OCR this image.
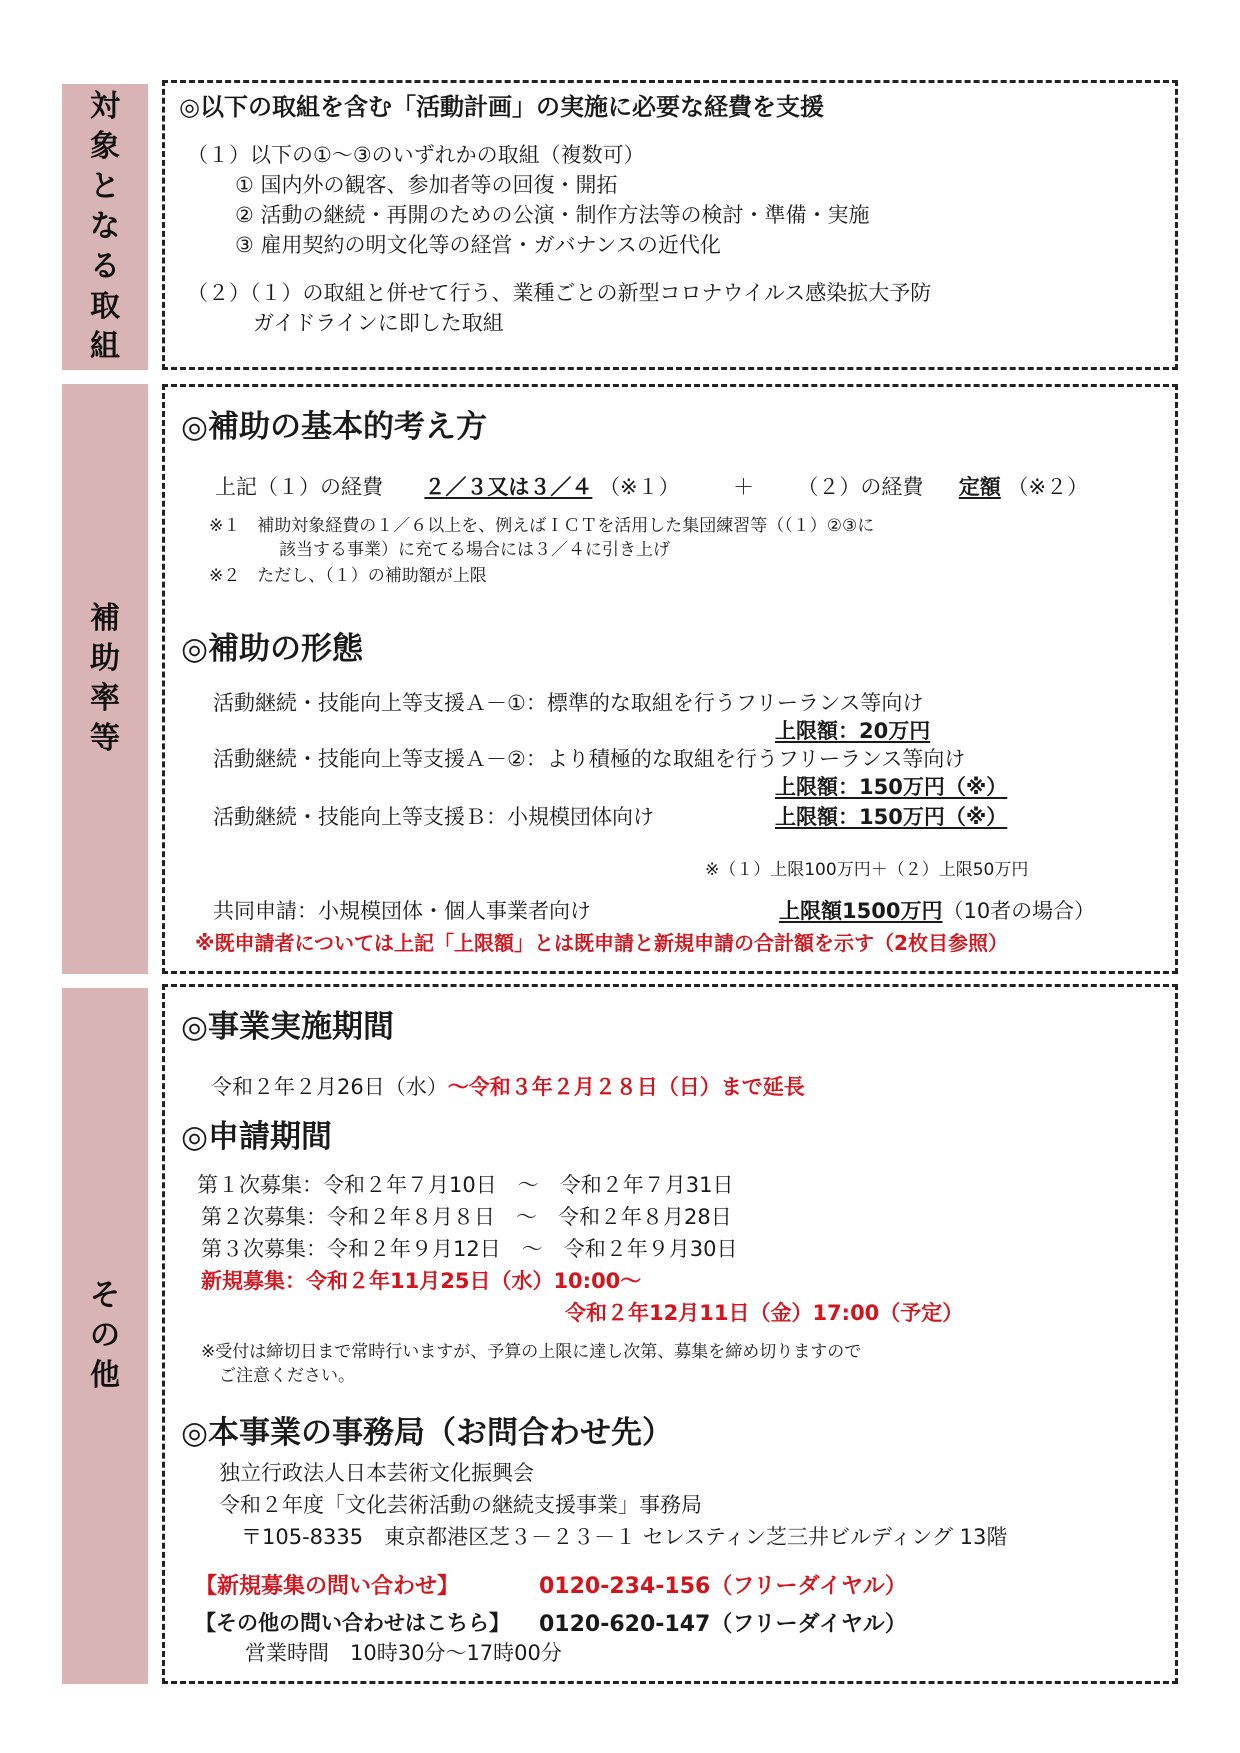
対
象
と
な
る
取
組
◎以下の取組を含む「活動計画」の実施に必要な経費を支援
（１）以下の①～③のいずれかの取組（複数可）
① 国内外の観客、参加者等の回復・開拓
② 活動の継続・再開のための公演・制作方法等の検討・準備・実施
③ 雇用契約の明文化等の経営・ガバナンスの近代化
（２）（１）の取組と併せて行う、業種ごとの新型コロナウイルス感染拡大予防
ガイドラインに即した取組
補
助
率
等
◎補助の基本的考え方
上記（１）の経費 ２／３又は３／４ （※１）	＋ （２）の経費 定額 （※２）
※１　補助対象経費の１／６以上を、例えばＩＣＴを活用した集団練習等（（１）②③に
該当する事業）に充てる場合には３／４に引き上げ
※２　ただし、（１）の補助額が上限
◎補助の形態
活動継続・技能向上等支援Ａ－①：標準的な取組を行うフリーランス等向け
上限額：20万円
活動継続・技能向上等支援Ａ－②：より積極的な取組を行うフリーランス等向け
上限額：150万円（※）
活動継続・技能向上等支援Ｂ：小規模団体向け	上限額：150万円（※）
※（１）上限100万円＋（２）上限50万円
共同申請：小規模団体・個人事業者向け	上限額1500万円（10者の場合）
※既申請者については上記「上限額」とは既申請と新規申請の合計額を示す（2枚目参照）
そ
の
他
◎事業実施期間
令和２年２月26日（水）～令和３年２月２８日（日）まで延長
◎申請期間
第１次募集：令和２年７月10日　～　令和２年７月31日
第２次募集：令和２年８月８日　～　令和２年８月28日
第３次募集：令和２年９月12日　～　令和２年９月30日
新規募集：令和２年11月25日（水）10:00～
令和２年12月11日（金）17:00（予定）
※受付は締切日まで常時行いますが、予算の上限に達し次第、募集を締め切りますので
ご注意ください。
◎本事業の事務局（お問合わせ先）
独立行政法人日本芸術文化振興会
令和２年度「文化芸術活動の継続支援事業」事務局
〒105-8335　東京都港区芝３－２３－１ セレスティン芝三井ビルディング 13階
【新規募集の問い合わせ】	0120-234-156（フリーダイヤル）
【その他の問い合わせはこちら】 0120-620-147（フリーダイヤル）
営業時間　10時30分～17時00分
